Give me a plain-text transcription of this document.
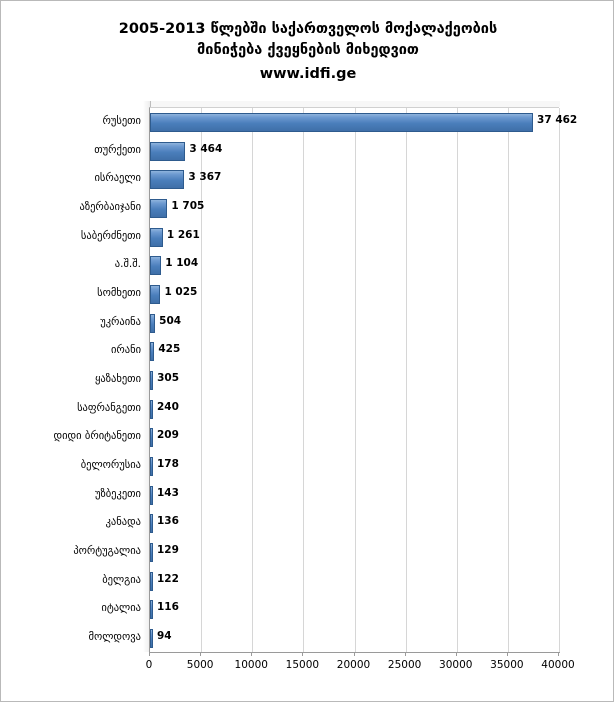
2005-2013 წლებში საქართველოს მოქალაქეობის
მინიჭება ქვეყნების მიხედვით
www.idfi.ge
37 462
3 464
3 367
1 705
1 261
1 104
1 025
504
425
305
240
209
178
143
136
129
122
116
94
რუსეთი
თურქეთი
ისრაელი
აზერბაიჯანი
საბერძნეთი
ა.შ.შ.
სომხეთი
უკრაინა
ირანი
ყაზახეთი
საფრანგეთი
დიდი ბრიტანეთი
ბელორუსია
უზბეკეთი
კანადა
პორტუგალია
ბელგია
იტალია
მოლდოვა
0	5000 10000 15000 20000 25000 30000 35000 40000
